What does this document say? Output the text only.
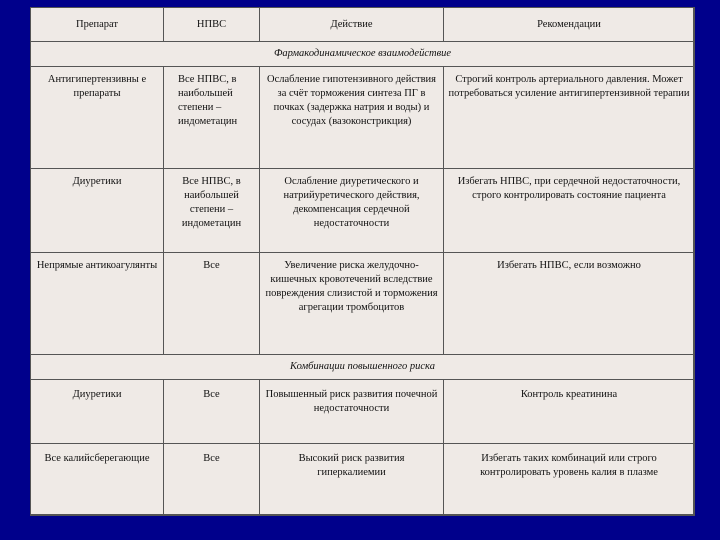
Препарат	НПВС	Действие	Рекомендации
Фармакодинамическое взаимодействие			
Антигипертензивны е препараты	Все НПВС, в наибольшей степени – индометацин	Ослабление гипотензивного действия за счёт торможения синтеза ПГ в почках (задержка натрия и воды) и сосудах (вазоконстрикция)	Строгий контроль артериального давления. Может потребоваться усиление антигипертензивной терапии
Диуретики	Все НПВС, в наибольшей степени – индометацин	Ослабление диуретического и натрийуретического действия, декомпенсация сердечной недостаточности	Избегать НПВС, при сердечной недостаточности, строго контролировать состояние пациента
Непрямые антикоагулянты	Все	Увеличение риска желудочно-кишечных кровотечений вследствие повреждения слизистой и торможения агрегации тромбоцитов	Избегать НПВС, если возможно
Комбинации повышенного риска			
Диуретики	Все	Повышенный риск развития почечной недостаточности	Контроль креатинина
Все калийсберегающие	Все	Высокий риск развития гиперкалиемии	Избегать таких комбинаций или строго контролировать уровень калия в плазме
